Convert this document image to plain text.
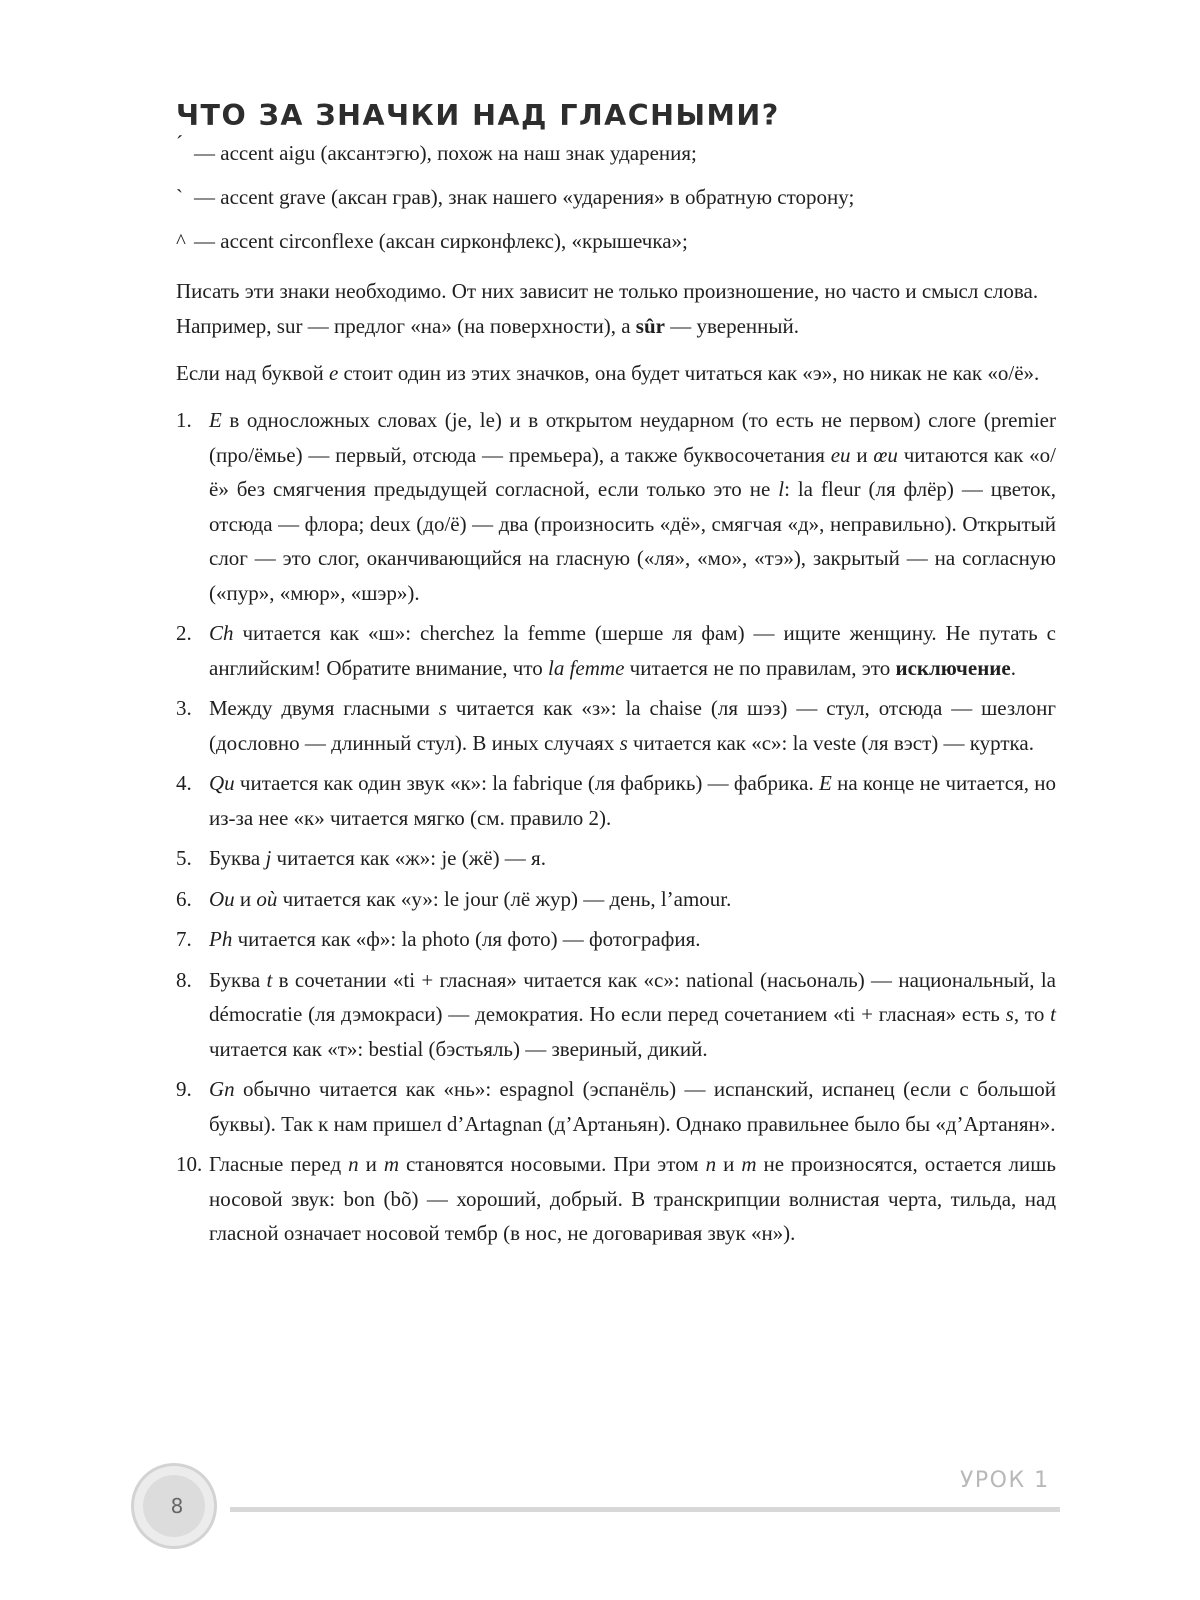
ЧТО ЗА ЗНАЧКИ НАД ГЛАСНЫМИ?
´ — accent aigu (аксантэгю), похож на наш знак ударения;
` — accent grave (аксан грав), знак нашего «ударения» в обратную сторону;
^ — accent circonflexe (аксан сирконфлекс), «крышечка»;

Писать эти знаки необходимо. От них зависит не только произношение, но часто и смысл слова. Например, sur — предлог «на» (на поверхности), а sûr — уверенный.

Если над буквой e стоит один из этих значков, она будет читаться как «э», но никак не как «о/ё».

1. E в односложных словах (je, le) и в открытом неударном (то есть не первом) слоге (premier (про/ёмье) — первый, отсюда — премьера), а также буквосочетания eu и œu читаются как «о/ё» без смягчения предыдущей согласной, если только это не l: la fleur (ля флёр) — цветок, отсюда — флора; deux (до/ё) — два (произносить «дё», смягчая «д», неправильно). Открытый слог — это слог, оканчивающийся на гласную («ля», «мо», «тэ»), закрытый — на согласную («пур», «мюр», «шэр»).
2. Ch читается как «ш»: cherchez la femme (шерше ля фам) — ищите женщину. Не путать с английским! Обратите внимание, что la femme читается не по правилам, это исключение.
3. Между двумя гласными s читается как «з»: la chaise (ля шэз) — стул, отсюда — шезлонг (дословно — длинный стул). В иных случаях s читается как «с»: la veste (ля вэст) — куртка.
4. Qu читается как один звук «к»: la fabrique (ля фабрикь) — фабрика. E на конце не читается, но из-за нее «к» читается мягко (см. правило 2).
5. Буква j читается как «ж»: je (жё) — я.
6. Ou и où читается как «у»: le jour (лё жур) — день, l’amour.
7. Ph читается как «ф»: la photo (ля фото) — фотография.
8. Буква t в сочетании «ti + гласная» читается как «с»: national (насьональ) — национальный, la démocratie (ля дэмокраси) — демократия. Но если перед сочетанием «ti + гласная» есть s, то t читается как «т»: bestial (бэстьяль) — звериный, дикий.
9. Gn обычно читается как «нь»: espagnol (эспанёль) — испанский, испанец (если с большой буквы). Так к нам пришел d’Artagnan (д’Артаньян). Однако правильнее было бы «д’Артанян».
10. Гласные перед n и m становятся носовыми. При этом n и m не произносятся, остается лишь носовой звук: bon (bõ) — хороший, добрый. В транскрипции волнистая черта, тильда, над гласной означает носовой тембр (в нос, не договаривая звук «н»).
УРОК 1
8
